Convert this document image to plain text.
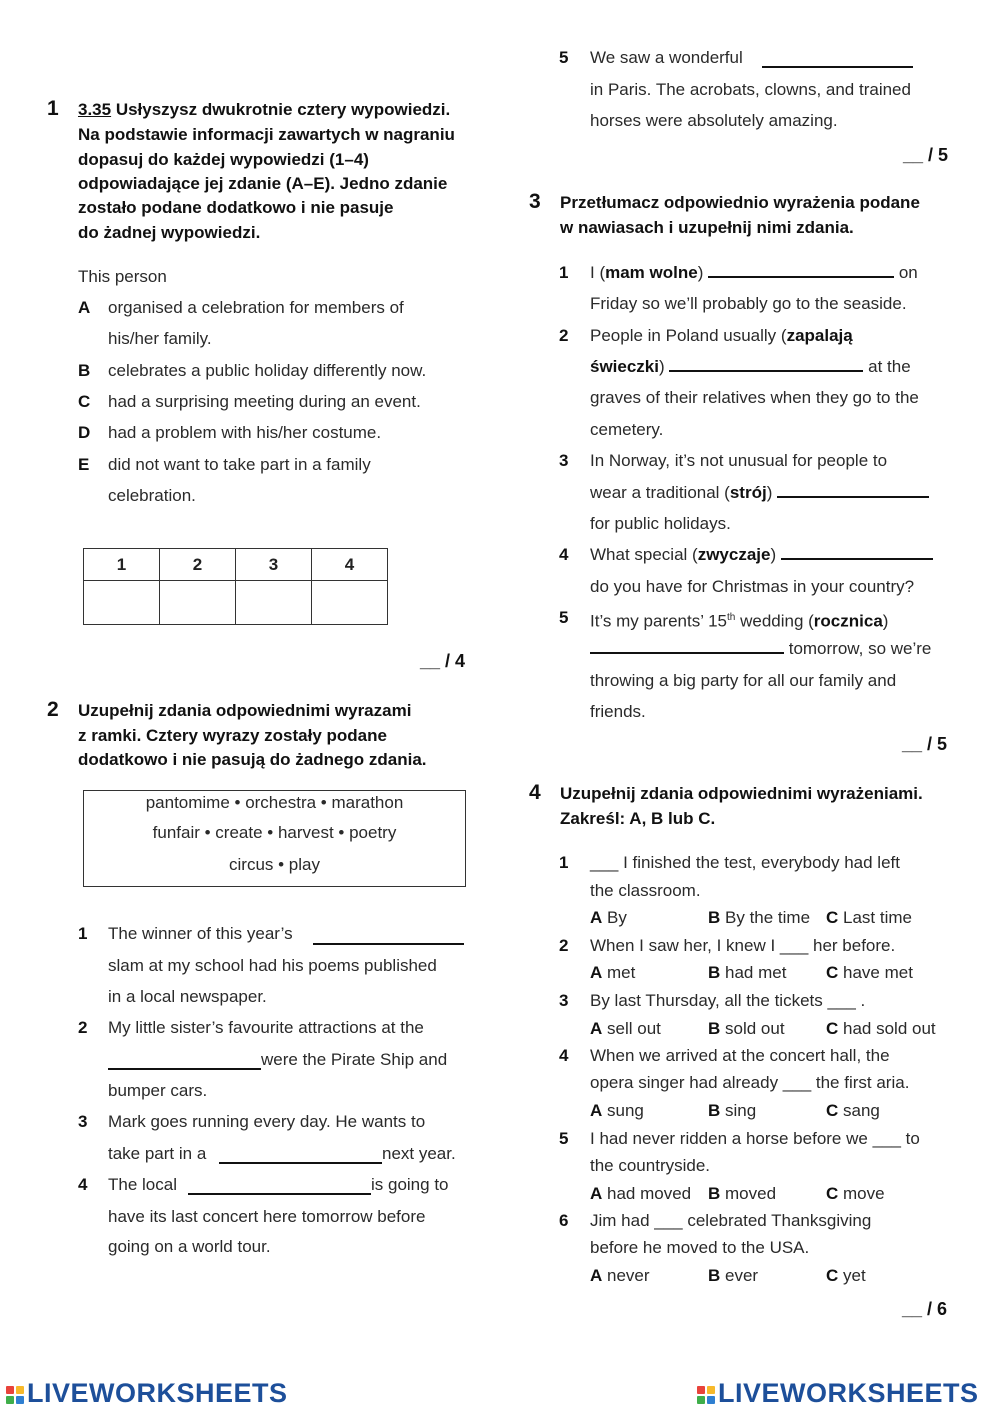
1 3.35 Usłyszysz dwukrotnie cztery wypowiedzi.
Na podstawie informacji zawartych w nagraniu
dopasuj do każdej wypowiedzi (1–4)
odpowiadające jej zdanie (A–E). Jedno zdanie
zostało podane dodatkowo i nie pasuje
do żadnej wypowiedzi.
This person
A organised a celebration for members of
his/her family.
B celebrates a public holiday differently now.
C had a surprising meeting during an event.
D had a problem with his/her costume.
E did not want to take part in a family
celebration.
1	2	3	4

__ / 4
2 Uzupełnij zdania odpowiednimi wyrazami
z ramki. Cztery wyrazy zostały podane
dodatkowo i nie pasują do żadnego zdania.
pantomime • orchestra • marathon
funfair • create • harvest • poetry
circus • play
1 The winner of this year’s
slam at my school had his poems published
in a local newspaper.
2 My little sister’s favourite attractions at the
were the Pirate Ship and
bumper cars.
3 Mark goes running every day. He wants to
take part in a	next year.
4 The local	is going to
have its last concert here tomorrow before
going on a world tour.
5 We saw a wonderful
in Paris. The acrobats, clowns, and trained
horses were absolutely amazing.
__ / 5
3 Przetłumacz odpowiednio wyrażenia podane
w nawiasach i uzupełnij nimi zdania.
1 I (mam wolne)	on
Friday so we’ll probably go to the seaside.
2 People in Poland usually (zapalają
świeczki)	at the
graves of their relatives when they go to the
cemetery.
3 In Norway, it’s not unusual for people to
wear a traditional (strój)
for public holidays.
4 What special (zwyczaje)
do you have for Christmas in your country?
5 It’s my parents’ 15th wedding (rocznica)
tomorrow, so we’re
throwing a big party for all our family and
friends.
__ / 5
4 Uzupełnij zdania odpowiednimi wyrażeniami.
Zakreśl: A, B lub C.
1 ___ I finished the test, everybody had left
the classroom.
A By	B By the time C Last time
2 When I saw her, I knew I ___ her before.
A met	B had met C have met
3 By last Thursday, all the tickets ___ .
A sell out	B sold out C had sold out
4 When we arrived at the concert hall, the
opera singer had already ___ the first aria.
A sung	B sing	C sang
5 I had never ridden a horse before we ___ to
the countryside.
A had moved B moved	C move
6 Jim had ___ celebrated Thanksgiving
before he moved to the USA.
A never	B ever	C yet
__ / 6
LIVEWORKSHEETS	LIVEWORKSHEETS
